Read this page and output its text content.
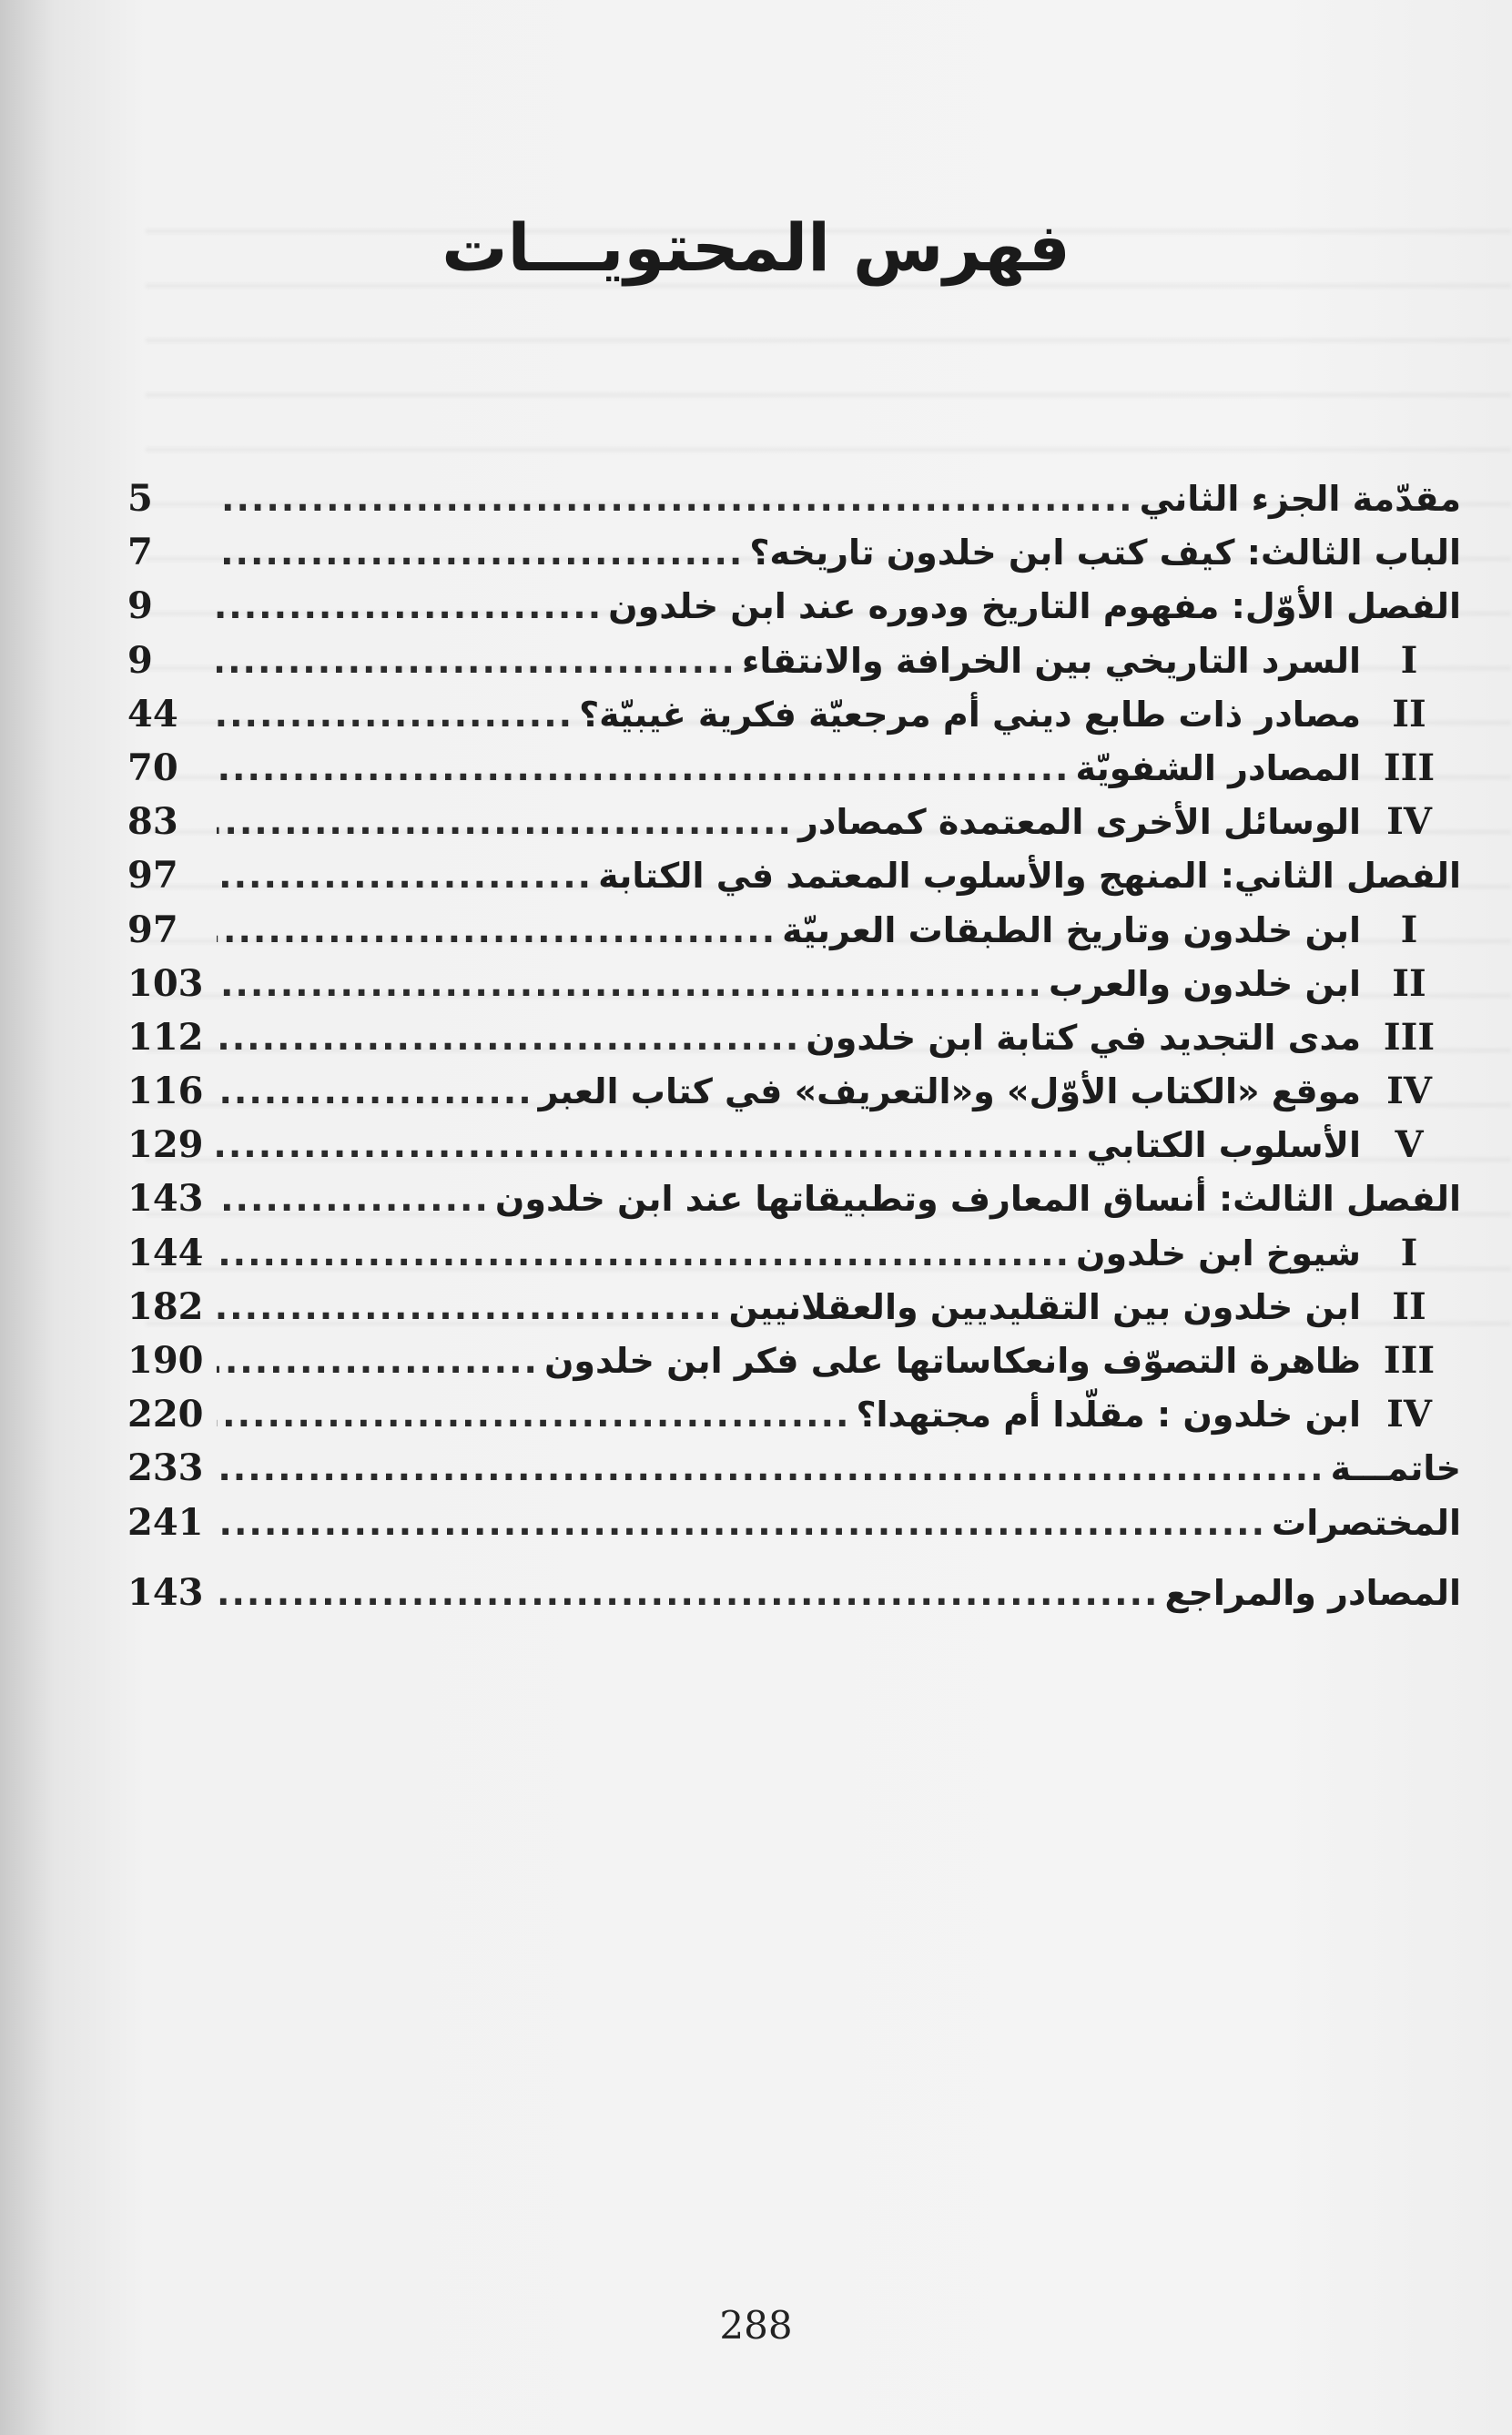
فهرس المحتويـــات
مقدّمة الجزء الثاني
.....
5
الباب الثالث: كيف كتب ابن خلدون تاريخه؟
.....
7
الفصل الأوّل: مفهوم التاريخ ودوره عند ابن خلدون
.....
9
I
السرد التاريخي بين الخرافة والانتقاء
.....
9
II
مصادر ذات طابع ديني أم مرجعيّة فكرية غيبيّة؟
.....
44
III
المصادر الشفويّة
.....
70
IV
الوسائل الأخرى المعتمدة كمصادر
.....
83
الفصل الثاني: المنهج والأسلوب المعتمد في الكتابة
.....
97
I
ابن خلدون وتاريخ الطبقات العربيّة
.....
97
II
ابن خلدون والعرب
.....
103
III
مدى التجديد في كتابة ابن خلدون
.....
112
IV
موقع «الكتاب الأوّل» و«التعريف» في كتاب العبر
.....
116
V
الأسلوب الكتابي
.....
129
الفصل الثالث: أنساق المعارف وتطبيقاتها عند ابن خلدون
.....
143
I
شيوخ ابن خلدون
.....
144
II
ابن خلدون بين التقليديين والعقلانيين
.....
182
III
ظاهرة التصوّف وانعكاساتها على فكر ابن خلدون
.....
190
IV
ابن خلدون : مقلّدا أم مجتهدا؟
.....
220
خاتمـــة
.....
233
المختصرات
.....
241
المصادر والمراجع
.....
143
288
